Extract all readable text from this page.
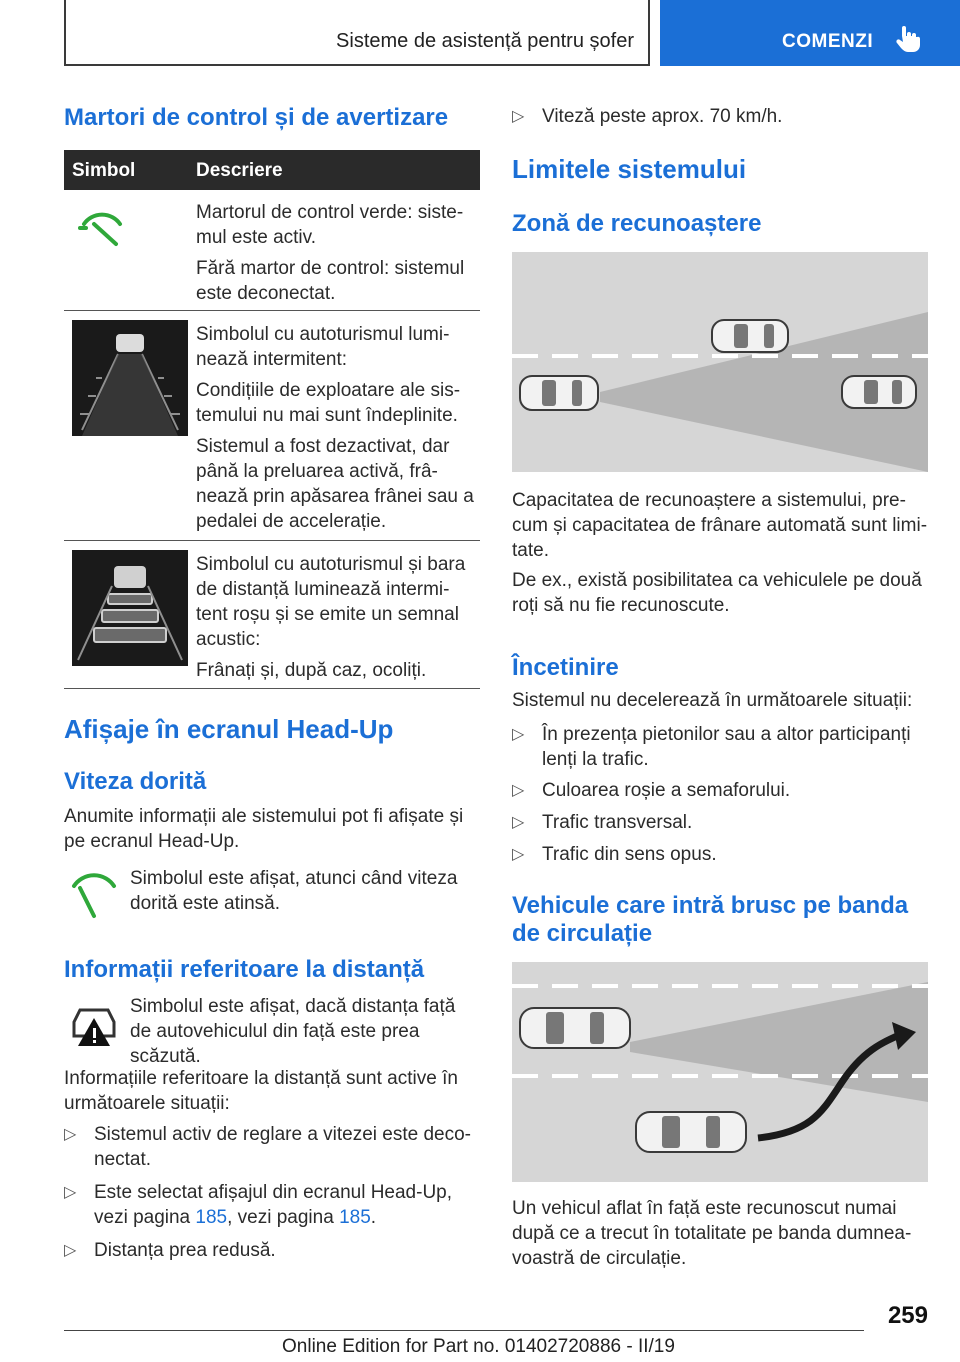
Sisteme de asistență pentru șofer	COMENZI
Martori de control și de avertizare
Simbol	Descriere
Martorul de control verde: siste-mul este activ.
Fără martor de control: sistemul este deconectat.
Simbolul cu autoturismul lumi-nează intermitent:
Condițiile de exploatare ale sis-temului nu mai sunt îndeplinite.
Sistemul a fost dezactivat, dar până la preluarea activă, frâ-nează prin apăsarea frânei sau a pedalei de accelerație.
Simbolul cu autoturismul și bara de distanță luminează intermi-tent roșu și se emite un semnal acustic:
Frânați și, după caz, ocoliți.
Afișaje în ecranul Head-Up
Viteza dorită
Anumite informații ale sistemului pot fi afișate și pe ecranul Head-Up.
Simbolul este afișat, atunci când viteza dorită este atinsă.
Informații referitoare la distanță
Simbolul este afișat, dacă distanța față de autovehiculul din față este prea scăzută.
Informațiile referitoare la distanță sunt active în următoarele situații:
▷ Sistemul activ de reglare a vitezei este deco-nectat.
▷ Este selectat afișajul din ecranul Head-Up, vezi pagina 185, vezi pagina 185.
▷ Distanța prea redusă.
▷ Viteză peste aprox. 70 km/h.
Limitele sistemului
Zonă de recunoaștere
Capacitatea de recunoaștere a sistemului, pre-cum și capacitatea de frânare automată sunt limi-tate.
De ex., există posibilitatea ca vehiculele pe două roți să nu fie recunoscute.
Încetinire
Sistemul nu decelerează în următoarele situații:
▷ În prezența pietonilor sau a altor participanți lenți la trafic.
▷ Culoarea roșie a semaforului.
▷ Trafic transversal.
▷ Trafic din sens opus.
Vehicule care intră brusc pe banda de circulație
Un vehicul aflat în față este recunoscut numai după ce a trecut în totalitate pe banda dumnea-voastră de circulație.
259
Online Edition for Part no. 01402720886 - II/19
